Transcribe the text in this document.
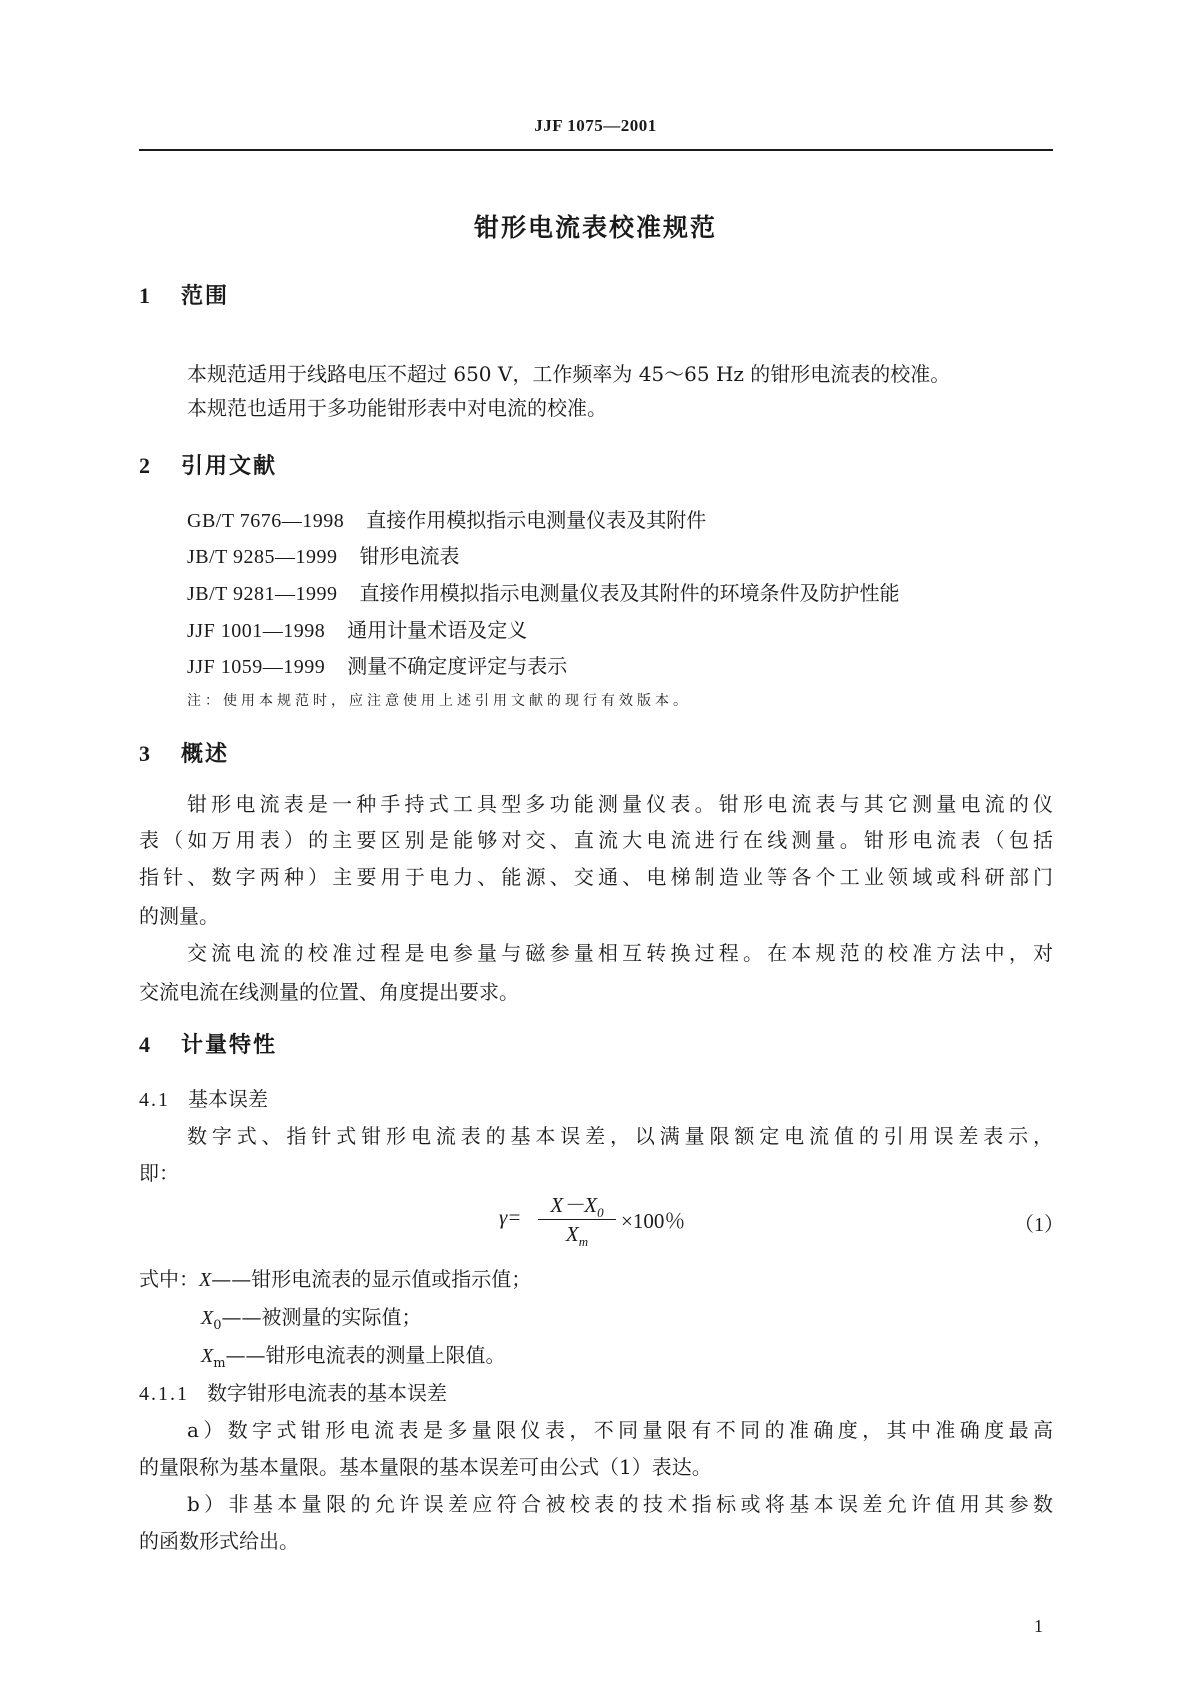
JJF 1075—2001
钳形电流表校准规范
1 范围
本规范适用于线路电压不超过 650 V，工作频率为 45～65 Hz 的钳形电流表的校准。
本规范也适用于多功能钳形表中对电流的校准。
2 引用文献
GB/T 7676—1998 直接作用模拟指示电测量仪表及其附件
JB/T 9285—1999 钳形电流表
JB/T 9281—1999 直接作用模拟指示电测量仪表及其附件的环境条件及防护性能
JJF 1001—1998 通用计量术语及定义
JJF 1059—1999 测量不确定度评定与表示
注：使用本规范时，应注意使用上述引用文献的现行有效版本。
3 概述
钳形电流表是一种手持式工具型多功能测量仪表。钳形电流表与其它测量电流的仪
表（如万用表）的主要区别是能够对交、直流大电流进行在线测量。钳形电流表（包括
指针、数字两种）主要用于电力、能源、交通、电梯制造业等各个工业领域或科研部门
的测量。
交流电流的校准过程是电参量与磁参量相互转换过程。在本规范的校准方法中，对
交流电流在线测量的位置、角度提出要求。
4 计量特性
4.1 基本误差
数字式、指针式钳形电流表的基本误差，以满量限额定电流值的引用误差表示，
即：
γ=	$X-X_0$
$X_m$
×100％	（1）
式中：X——钳形电流表的显示值或指示值；
$X_0——$被测量的实际值；
$X_m——$钳形电流表的测量上限值。
4.1.1 数字钳形电流表的基本误差
a）数字式钳形电流表是多量限仪表，不同量限有不同的准确度，其中准确度最高
的量限称为基本量限。基本量限的基本误差可由公式（1）表达。
b）非基本量限的允许误差应符合被校表的技术指标或将基本误差允许值用其参数
的函数形式给出。
1
